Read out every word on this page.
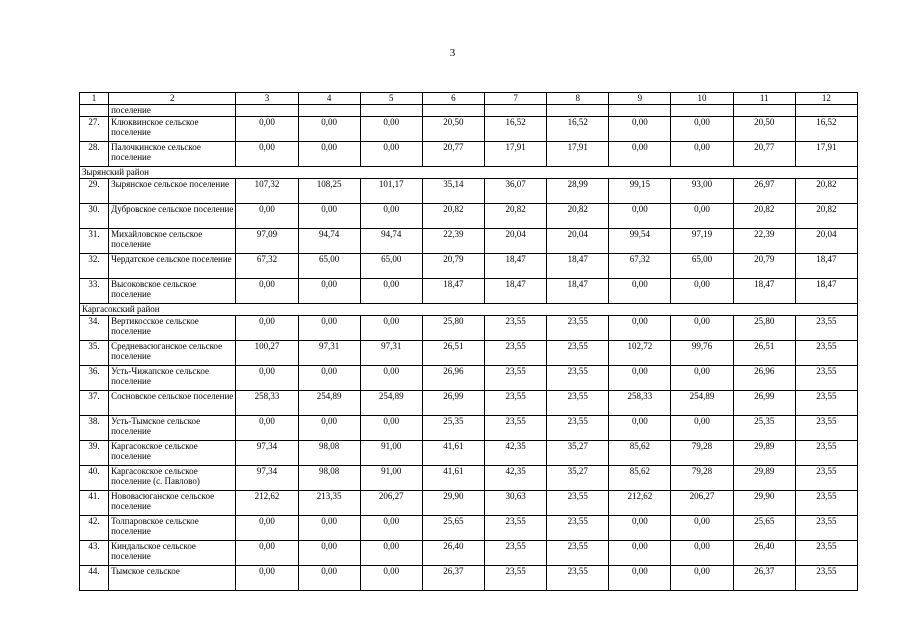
3
1	2	3	4	5	6	7	8	9	10	11	12
	поселение										
27.	Клюквинское сельское поселение	0,00	0,00	0,00	20,50	16,52	16,52	0,00	0,00	20,50	16,52
28.	Палочкинское сельское поселение	0,00	0,00	0,00	20,77	17,91	17,91	0,00	0,00	20,77	17,91
Зырянский район											
29.	Зырянское сельское поселение	107,32	108,25	101,17	35,14	36,07	28,99	99,15	93,00	26,97	20,82
30.	Дубровское сельское поселение	0,00	0,00	0,00	20,82	20,82	20,82	0,00	0,00	20,82	20,82
31.	Михайловское сельское поселение	97,09	94,74	94,74	22,39	20,04	20,04	99,54	97,19	22,39	20,04
32.	Чердатское сельское поселение	67,32	65,00	65,00	20,79	18,47	18,47	67,32	65,00	20,79	18,47
33.	Высоковское сельское поселение	0,00	0,00	0,00	18,47	18,47	18,47	0,00	0,00	18,47	18,47
Каргасокский район											
34.	Вертикосское сельское поселение	0,00	0,00	0,00	25,80	23,55	23,55	0,00	0,00	25,80	23,55
35.	Средневасюганское сельское поселение	100,27	97,31	97,31	26,51	23,55	23,55	102,72	99,76	26,51	23,55
36.	Усть-Чижапское сельское поселение	0,00	0,00	0,00	26,96	23,55	23,55	0,00	0,00	26,96	23,55
37.	Сосновское сельское поселение	258,33	254,89	254,89	26,99	23,55	23,55	258,33	254,89	26,99	23,55
38.	Усть-Тымское сельское поселение	0,00	0,00	0,00	25,35	23,55	23,55	0,00	0,00	25,35	23,55
39.	Каргасокское сельское поселение	97,34	98,08	91,00	41,61	42,35	35,27	85,62	79,28	29,89	23,55
40.	Каргасокское сельское поселение (с. Павлово)	97,34	98,08	91,00	41,61	42,35	35,27	85,62	79,28	29,89	23,55
41.	Нововасюганское сельское поселение	212,62	213,35	206,27	29,90	30,63	23,55	212,62	206,27	29,90	23,55
42.	Толпаровское сельское поселение	0,00	0,00	0,00	25,65	23,55	23,55	0,00	0,00	25,65	23,55
43.	Киндальское сельское поселение	0,00	0,00	0,00	26,40	23,55	23,55	0,00	0,00	26,40	23,55
44.	Тымское сельское	0,00	0,00	0,00	26,37	23,55	23,55	0,00	0,00	26,37	23,55
